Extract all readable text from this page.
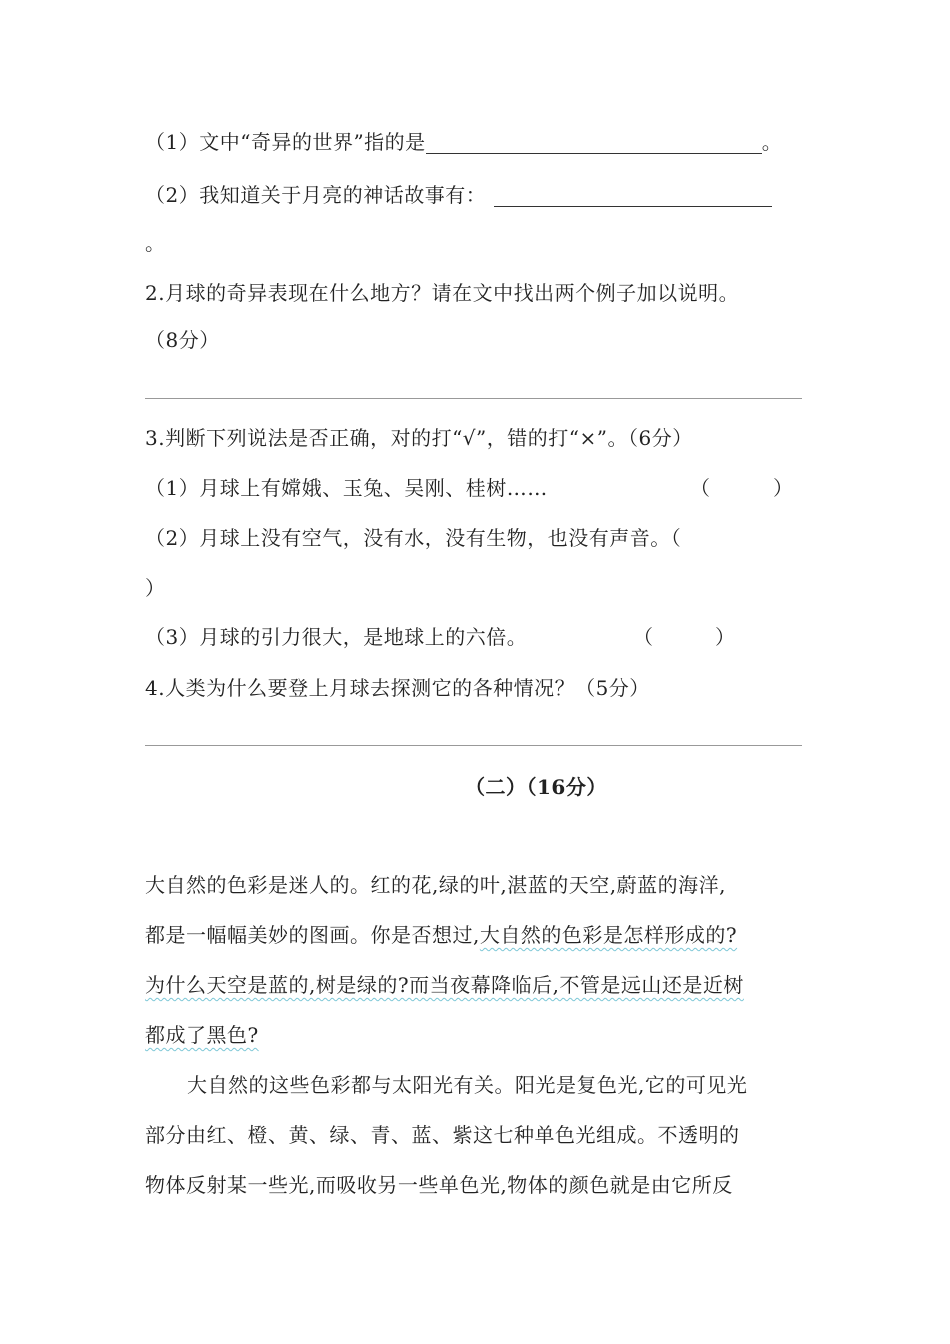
（1）文中“奇异的世界”指的是	。
（2）我知道关于月亮的神话故事有：
。
2.月球的奇异表现在什么地方？请在文中找出两个例子加以说明。
（8分）
3.判断下列说法是否正确，对的打“√”，错的打“×”。（6分）
（1）月球上有嫦娥、玉兔、吴刚、桂树……	（	）
（2）月球上没有空气，没有水，没有生物，也没有声音。（
）
（3）月球的引力很大，是地球上的六倍。	（	）
4.人类为什么要登上月球去探测它的各种情况？（5分）
（二）（16分）
大自然的色彩是迷人的。红的花,绿的叶,湛蓝的天空,蔚蓝的海洋,
都是一幅幅美妙的图画。你是否想过,大自然的色彩是怎样形成的?
为什么天空是蓝的,树是绿的?而当夜幕降临后,不管是远山还是近树
都成了黑色?
大自然的这些色彩都与太阳光有关。阳光是复色光,它的可见光
部分由红、橙、黄、绿、青、蓝、紫这七种单色光组成。不透明的
物体反射某一些光,而吸收另一些单色光,物体的颜色就是由它所反
